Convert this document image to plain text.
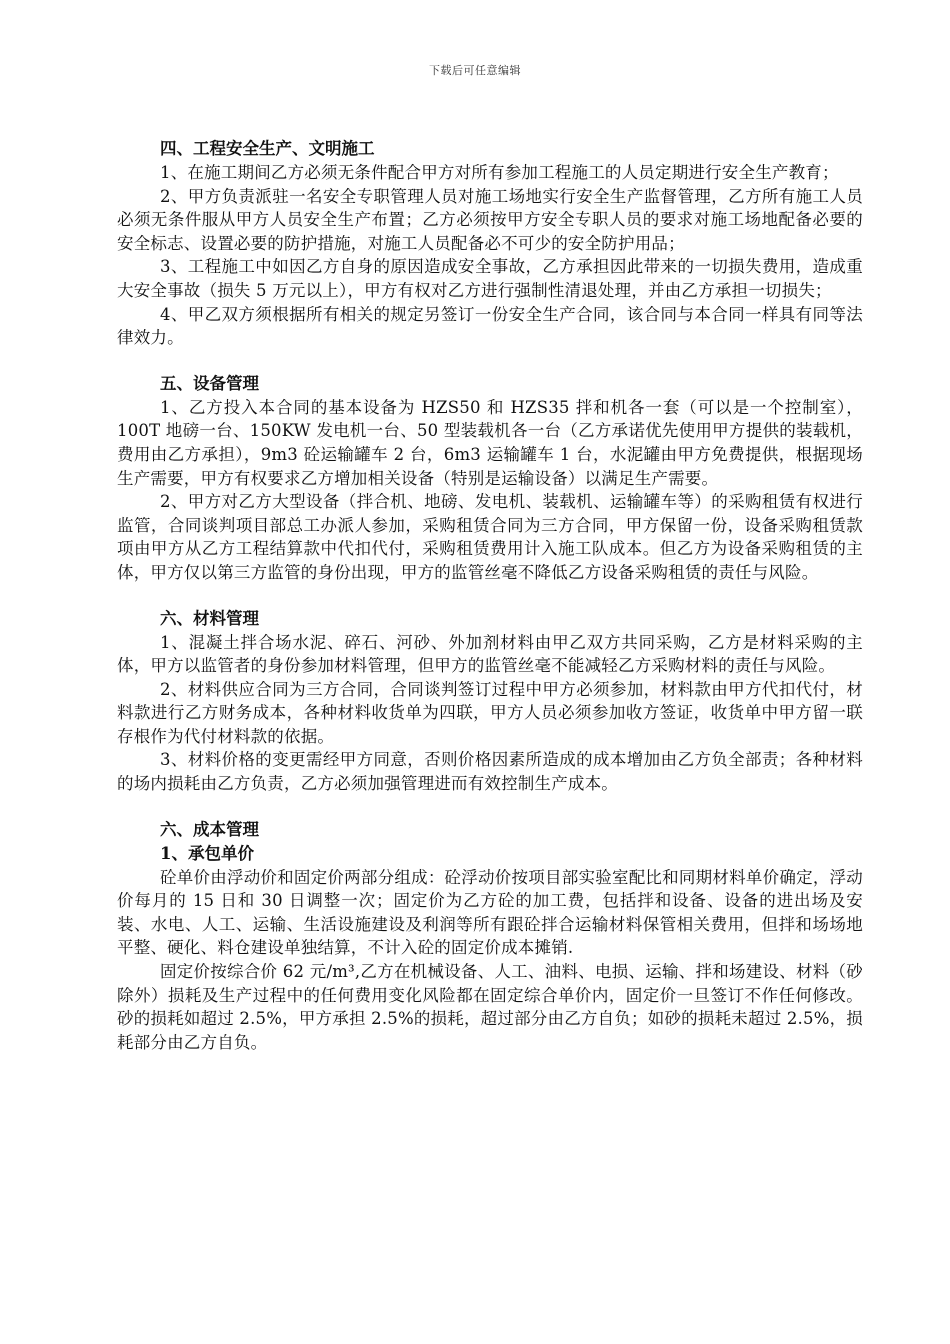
下载后可任意编辑

四、工程安全生产、文明施工

1、在施工期间乙方必须无条件配合甲方对所有参加工程施工的人员定期进行安全生产教育；

2、甲方负责派驻一名安全专职管理人员对施工场地实行安全生产监督管理，乙方所有施工人员必须无条件服从甲方人员安全生产布置；乙方必须按甲方安全专职人员的要求对施工场地配备必要的安全标志、设置必要的防护措施，对施工人员配备必不可少的安全防护用品；

3、工程施工中如因乙方自身的原因造成安全事故，乙方承担因此带来的一切损失费用，造成重大安全事故（损失 5 万元以上），甲方有权对乙方进行强制性清退处理，并由乙方承担一切损失；

4、甲乙双方须根据所有相关的规定另签订一份安全生产合同，该合同与本合同一样具有同等法律效力。

五、设备管理

1、乙方投入本合同的基本设备为 HZS50 和 HZS35 拌和机各一套（可以是一个控制室），100T 地磅一台、150KW 发电机一台、50 型装载机各一台（乙方承诺优先使用甲方提供的装载机，费用由乙方承担），9m3 砼运输罐车 2 台，6m3 运输罐车 1 台，水泥罐由甲方免费提供，根据现场生产需要，甲方有权要求乙方增加相关设备（特别是运输设备）以满足生产需要。

2、甲方对乙方大型设备（拌合机、地磅、发电机、装载机、运输罐车等）的采购租赁有权进行监管，合同谈判项目部总工办派人参加，采购租赁合同为三方合同，甲方保留一份，设备采购租赁款项由甲方从乙方工程结算款中代扣代付，采购租赁费用计入施工队成本。但乙方为设备采购租赁的主体，甲方仅以第三方监管的身份出现，甲方的监管丝毫不降低乙方设备采购租赁的责任与风险。

六、材料管理

1、混凝土拌合场水泥、碎石、河砂、外加剂材料由甲乙双方共同采购，乙方是材料采购的主体，甲方以监管者的身份参加材料管理，但甲方的监管丝毫不能减轻乙方采购材料的责任与风险。

2、材料供应合同为三方合同，合同谈判签订过程中甲方必须参加，材料款由甲方代扣代付，材料款进行乙方财务成本，各种材料收货单为四联，甲方人员必须参加收方签证，收货单中甲方留一联存根作为代付材料款的依据。

3、材料价格的变更需经甲方同意，否则价格因素所造成的成本增加由乙方负全部责；各种材料的场内损耗由乙方负责，乙方必须加强管理进而有效控制生产成本。

六、成本管理

1、承包单价

砼单价由浮动价和固定价两部分组成：砼浮动价按项目部实验室配比和同期材料单价确定，浮动价每月的 15 日和 30 日调整一次；固定价为乙方砼的加工费，包括拌和设备、设备的进出场及安装、水电、人工、运输、生活设施建设及利润等所有跟砼拌合运输材料保管相关费用，但拌和场场地平整、硬化、料仓建设单独结算，不计入砼的固定价成本摊销.

固定价按综合价 62 元/m³,乙方在机械设备、人工、油料、电损、运输、拌和场建设、材料（砂除外）损耗及生产过程中的任何费用变化风险都在固定综合单价内，固定价一旦签订不作任何修改。砂的损耗如超过 2.5%，甲方承担 2.5%的损耗，超过部分由乙方自负；如砂的损耗未超过 2.5%，损耗部分由乙方自负。
